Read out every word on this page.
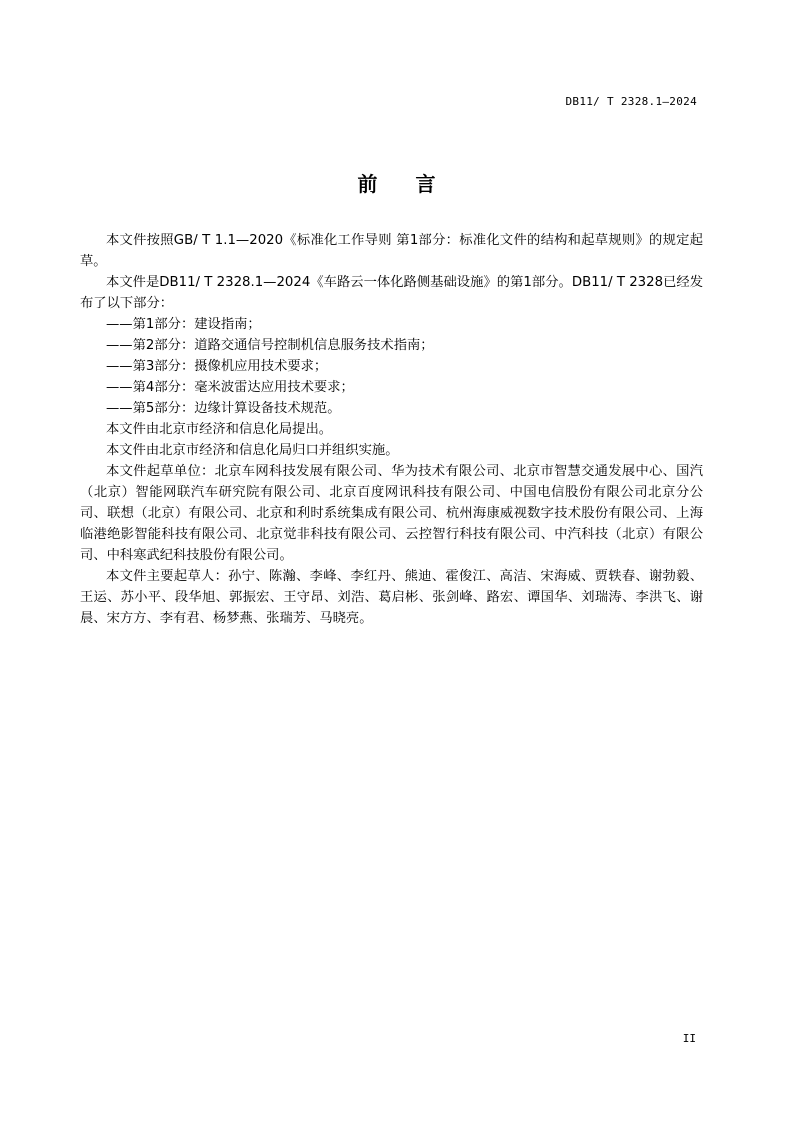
DB11/ T 2328.1—2024
前言

本文件按照GB/ T 1.1—2020《标准化工作导则 第1部分：标准化文件的结构和起草规则》的规定起草。

本文件是DB11/ T 2328.1—2024《车路云一体化路侧基础设施》的第1部分。DB11/ T 2328已经发布了以下部分：

——第1部分：建设指南；

——第2部分：道路交通信号控制机信息服务技术指南；

——第3部分：摄像机应用技术要求；

——第4部分：毫米波雷达应用技术要求；

——第5部分：边缘计算设备技术规范。

本文件由北京市经济和信息化局提出。

本文件由北京市经济和信息化局归口并组织实施。

本文件起草单位：北京车网科技发展有限公司、华为技术有限公司、北京市智慧交通发展中心、国汽（北京）智能网联汽车研究院有限公司、北京百度网讯科技有限公司、中国电信股份有限公司北京分公司、联想（北京）有限公司、北京和利时系统集成有限公司、杭州海康威视数字技术股份有限公司、上海临港绝影智能科技有限公司、北京觉非科技有限公司、云控智行科技有限公司、中汽科技（北京）有限公司、中科寒武纪科技股份有限公司。

本文件主要起草人：孙宁、陈瀚、李峰、李红丹、熊迪、霍俊江、高洁、宋海威、贾轶春、谢勃毅、王运、苏小平、段华旭、郭振宏、王守昂、刘浩、葛启彬、张剑峰、路宏、谭国华、刘瑞涛、李洪飞、谢晨、宋方方、李有君、杨梦燕、张瑞芳、马晓亮。

II
